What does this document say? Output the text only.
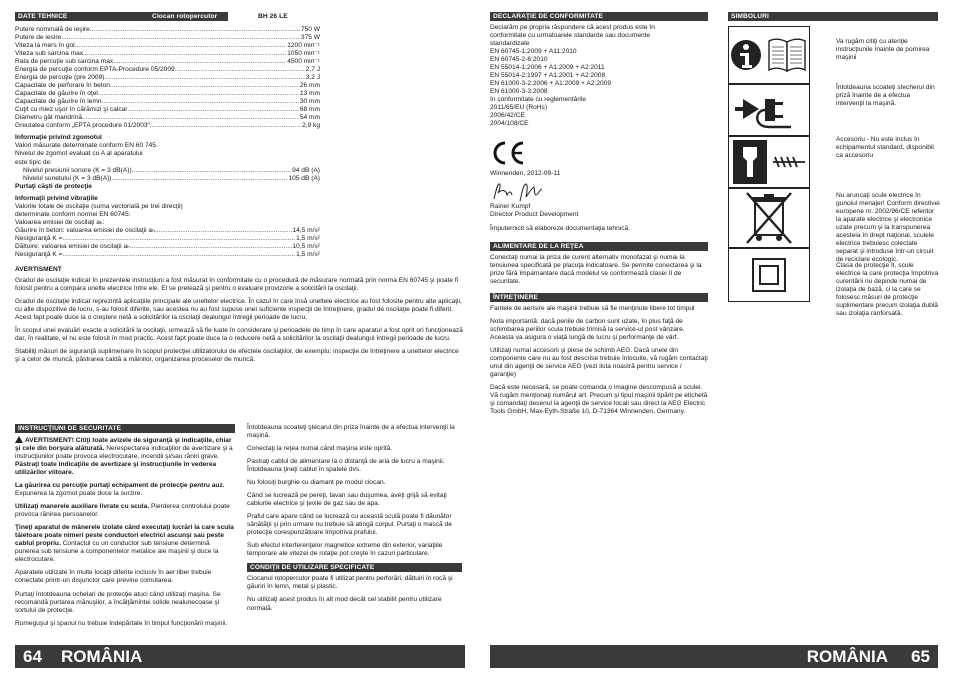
DATE TEHNICE	Ciocan rotopercutor	BH 26 LE
Putere nominală de ieşire .....	750 W
Putere de iesire .....	375 W
Viteza la mers în gol .....	1200 min⁻¹
Viteza sub sarcina max. .....	1050 min⁻¹
Rata de percuţie sub sarcina max. .....	4500 min⁻¹
Energia de percuţie conform EPTA-Procedure 05/2009 .....	2,7 J
Energia de percuţie (pre 2009) .....	3,2 J
Capacitate de perforare în beton .....	26 mm
Capacitate de găurire în oţel .....	13 mm
Capacitate de găurire în lemn .....	30 mm
Cuţit cu miez uşor în cărămizi şi calcar .....	68 mm
Diametru gât mandrină .....	54 mm
Greutatea conform „EPTA procedure 01/2003“ .....	2,9 kg
Informaţie privind zgomotul
Valori măsurate determinate conform EN 60 745.
Nivelul de zgomot evaluat cu A al aparatului
este tipic de:
Nivelul presiunii sonore (K = 3 dB(A)) .....	94 dB (A)
Nivelul sunetului (K = 3 dB(A)) .....	105 dB (A)
Purtaţi căşti de protecţie
Informaţii privind vibraţiile
Valorile totale de oscilaţie (suma vectorială pe trei direcţii)
determinate conform normei EN 60745:
Valoarea emisiei de oscilaţi aₕ:
Găurire în beton: valoarea emisiei de oscilaţii aₕ .....	14,5 m/s²
Nesiguranţă K = .....	1,5 m/s²
Dăltuire: valoarea emisiei de oscilaţii aₕ .....	10,5 m/s²
Nesiguranţă K = .....	1,5 m/s²

AVERTISMENT

Gradul de oscilaţie indicat în prezentele instrucţiuni a fost măsurat în conformitate cu o procedură de măsurare normată prin norma EN 60745 şi poate fi folosit pentru a compara unelte electrice între ele. El se pretează şi pentru o evaluare provizorie a solicitării la oscilaţii.

Gradul de oscilaţie indicat reprezintă aplicaţiile principale ale uneltelor electrice. În cazul în care însă uneltele electrice au fost folosite pentru alte aplicaţii, cu alte dispozitive de lucru, s-au folosit diferite, sau acestea nu au fost supuse unei suficiente inspecţii de întreţinere, gradul de oscilaţie poate fi diferit. Acest fapt poate duce la o creştere netă a solicitărilor la oscilaţii dealungul întregii perioade de lucru.

În scopul unei evaluări exacte a solicitării la oscilaţii, urmează să fie luate în considerare şi perioadele de timp în care aparatul a fost oprit ori funcţionează dar, în realitate, el nu este folosit în mod practic. Acest fapt poate duce la o reducere netă a solicitărilor la oscilaţii dealungul întregii perioade de lucru.

Stabiliţi măsuri de siguranţă suplimenare în scopul protecţiei utilizatorului de efectele oscilaţiilor, de exemplu: inspecţie de întreţinere a uneltelor electrice şi a celor de muncă, păstrarea caldă a mâinilor, organizarea proceselor de muncă.

INSTRUCŢIUNI DE SECURITATE

AVERTISMENT! Citiţi toate avizele de siguranţă şi indicaţiile, chiar şi cele din borşura alăturată. Nerespectarea indicaţiilor de avertizare şi a instrucţiunilor poate provoca electrocutare, incendii şi/sau răniri grave. Păstraţi toate indicaţiile de avertizare şi instrucţiunile în vederea utilizărilor viitoare.

La găurirea cu percuţie purtaţi echipament de protecţie pentru auz. Expunerea la zgomot poate duce la surzire.

Utilizaţi manerele auxiliare livrate cu scula. Pierderea controlului poate provoca rănirea persoanelor.

Ţineţi aparatul de mânerele izolate când executaţi lucrări la care scula tăietoare poate nimeri peste conductori electrici ascunşi sau peste cablul propriu. Contactul cu un conductor sub tensiune determină punerea sub tensiune a componentelor metalice ale maşinii şi duce la electrocutare.

Aparatele utilizate în multe locaţii diferite inclusiv în aer liber trebuie conectate printr-un disjunctor care previne comutarea.

Purtaţi întotdeauna ochelari de protecţie atuci când utilizaţi maşina. Se recomandă purtarea mănuşilor, a încălţămintei solide nealunecoase şi sortului de protecţie.

Rumeguşul şi spanul nu trebuie îndepărtate în timpul funcţionării maşinii.

Întotdeauna scoateţi ştecarul din priza înainte de a efectua intervenţii la maşină.

Conectaţi la reţea numai când maşina este oprită.

Pastraţi cablul de alimentare la o distanţă de aria de lucru a maşinii. Întotdeauna ţineţi cablul în spatele dvs.

Nu folosiţi burghie cu diamant pe modul ciocan.

Când se lucrează pe pereţi, tavan sau duşumea, aveţi grijă să evitaţi cablurile electrice şi ţevile de gaz sau de apa.

Praful care apare când se lucrează cu această sculă poate fi dăunător sănătăţii şi prin urmare nu trebuie să atingă corpul. Purtaţi o mască de protecţie corespunzătoare împotriva prafului.

Sub efectul interferenţelor magnetice extreme din exterior, variaţiile temporare ale vitezei de rotaţie pot creşte în cazuri particulare.

CONDIŢII DE UTILIZARE SPECIFICATE

Ciocanul rotopercutor poate fi utilizat pentru perforări, dăltuiri în rocă şi găuriri în lemn, metal şi plastic.

Nu utilizaţi acest produs în alt mod decât cel stabilit pentru utilizare normală.

64 ROMÂNIA
DECLARAŢIE DE CONFORMITATE
Declarăm pe propria răspundere că acest produs este în
conformitate cu urmatoarele standarde sau documente
standardizate
EN 60745-1:2009 + A11:2010
EN 60745-2-6:2010
EN 55014-1:2006 + A1:2009 + A2:2011
EN 55014-2:1997 + A1:2001 + A2:2008
EN 61000-3-2:2006 + A1:2009 + A2:2009
EN 61000-3-3:2008
în conformitate cu reglementările
2011/65/EU (RoHs)
2006/42/CE
2004/108/CE
Winnenden, 2012-09-11
Rainer Kumpf
Director Product Development
Împuternicit să elaboreze documentaţia tehnică.
ALIMENTARE DE LA REŢEA

Conectaţi numai la priza de curent alternativ monofazat şi numai la tensiunea specificată pe placuţa indicatoare. Se permite conectarea şi la prize fără împamantare dacă modelul se conformează clasei II de securitate.

ÎNTREŢINERE

Fantele de aerisire ale maşinii trebuie să fie menţinute libere tot timpul

Nota importantă: dacă periile de carbon sunt uzate, în plus faţă de schimbarea periilor scula trebuie trimisă la service-ul post vânzare. Aceasta va asigura o viaţă lungă de lucru şi performanţe de vârf.

Utilizaţi numai accesorii şi piese de schimb AEG. Dacă unele din componente care nu au fost descrise trebuie înlocuite, vă rugăm contactaţi unul din agenţii de service AEG (vezi lista noastră pentru service / garanţie)

Dacă este necesară, se poate comanda o imagine descompusă a sculei. Vă rugăm menţionaţi numărul art. Precum şi tipul maşinii tipărit pe etichetă şi comandaţi desenul la agenţii de service locali sau direct la AEG Electric Tools GmbH, Max-Eyth-Straße 10, D-71364 Winnenden, Germany.

SIMBOLURI
Va rugăm citiţi cu atenţie instrucţiunile înainte de pornirea maşinii
Întotdeauna scoateţi stecherul din priză înainte de a efectua intervenţii la maşină.
Accesoriu - Nu este inclus în echipamentul standard, disponibil ca accesoriu
Nu aruncaţi scule electrice în gunoiul menajer! Conform directivei europene nr. 2002/96/CE referitor la aparate electrice şi electronice uzate precum şi la transpunerea acesteia în drept naţional, sculele electrice trebuiesc colectate separat şi introduse într-un circuit de reciclare ecologic.
Clasa de protecţie II, scule electrice la care protecţia împotriva curentării nu depinde numai de izolaţia de bază, ci la care se folosesc măsuri de protecţie suplimentare precum izolaţia dublă sau izolaţia ranforsată.
ROMÂNIA 65
